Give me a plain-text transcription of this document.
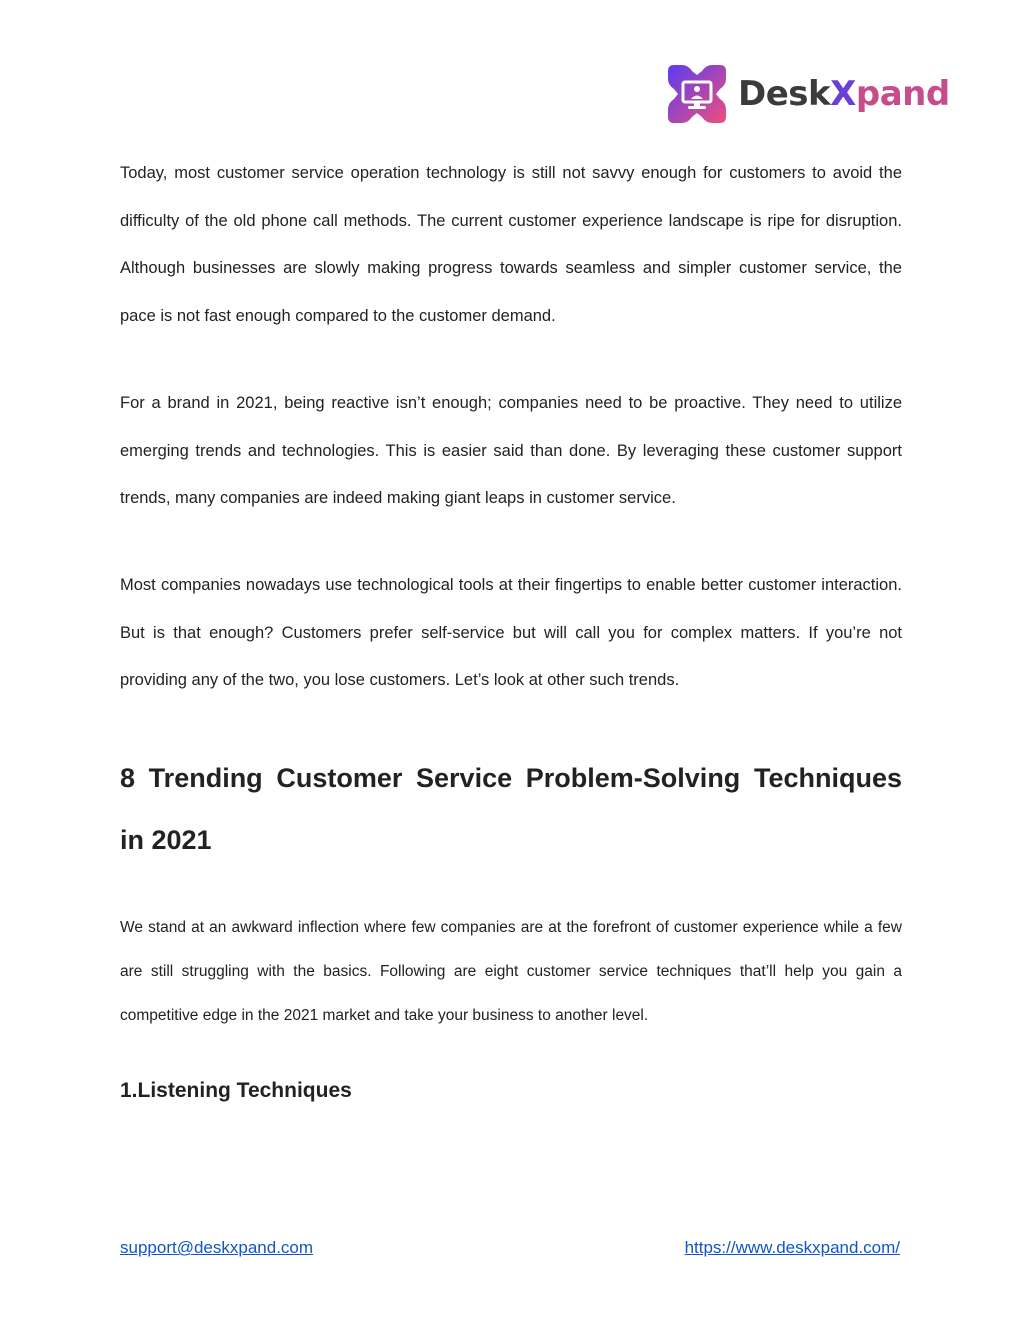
DeskXpand

Today, most customer service operation technology is still not savvy enough for customers to avoid the difficulty of the old phone call methods. The current customer experience landscape is ripe for disruption. Although businesses are slowly making progress towards seamless and simpler customer service, the pace is not fast enough compared to the customer demand.

For a brand in 2021, being reactive isn’t enough; companies need to be proactive. They need to utilize emerging trends and technologies. This is easier said than done. By leveraging these customer support trends, many companies are indeed making giant leaps in customer service.

Most companies nowadays use technological tools at their fingertips to enable better customer interaction. But is that enough? Customers prefer self-service but will call you for complex matters. If you’re not providing any of the two, you lose customers. Let’s look at other such trends.

8 Trending Customer Service Problem-Solving Techniques in 2021

We stand at an awkward inflection where few companies are at the forefront of customer experience while a few are still struggling with the basics. Following are eight customer service techniques that’ll help you gain a competitive edge in the 2021 market and take your business to another level.

1.Listening Techniques
support@deskxpand.com	https://www.deskxpand.com/
